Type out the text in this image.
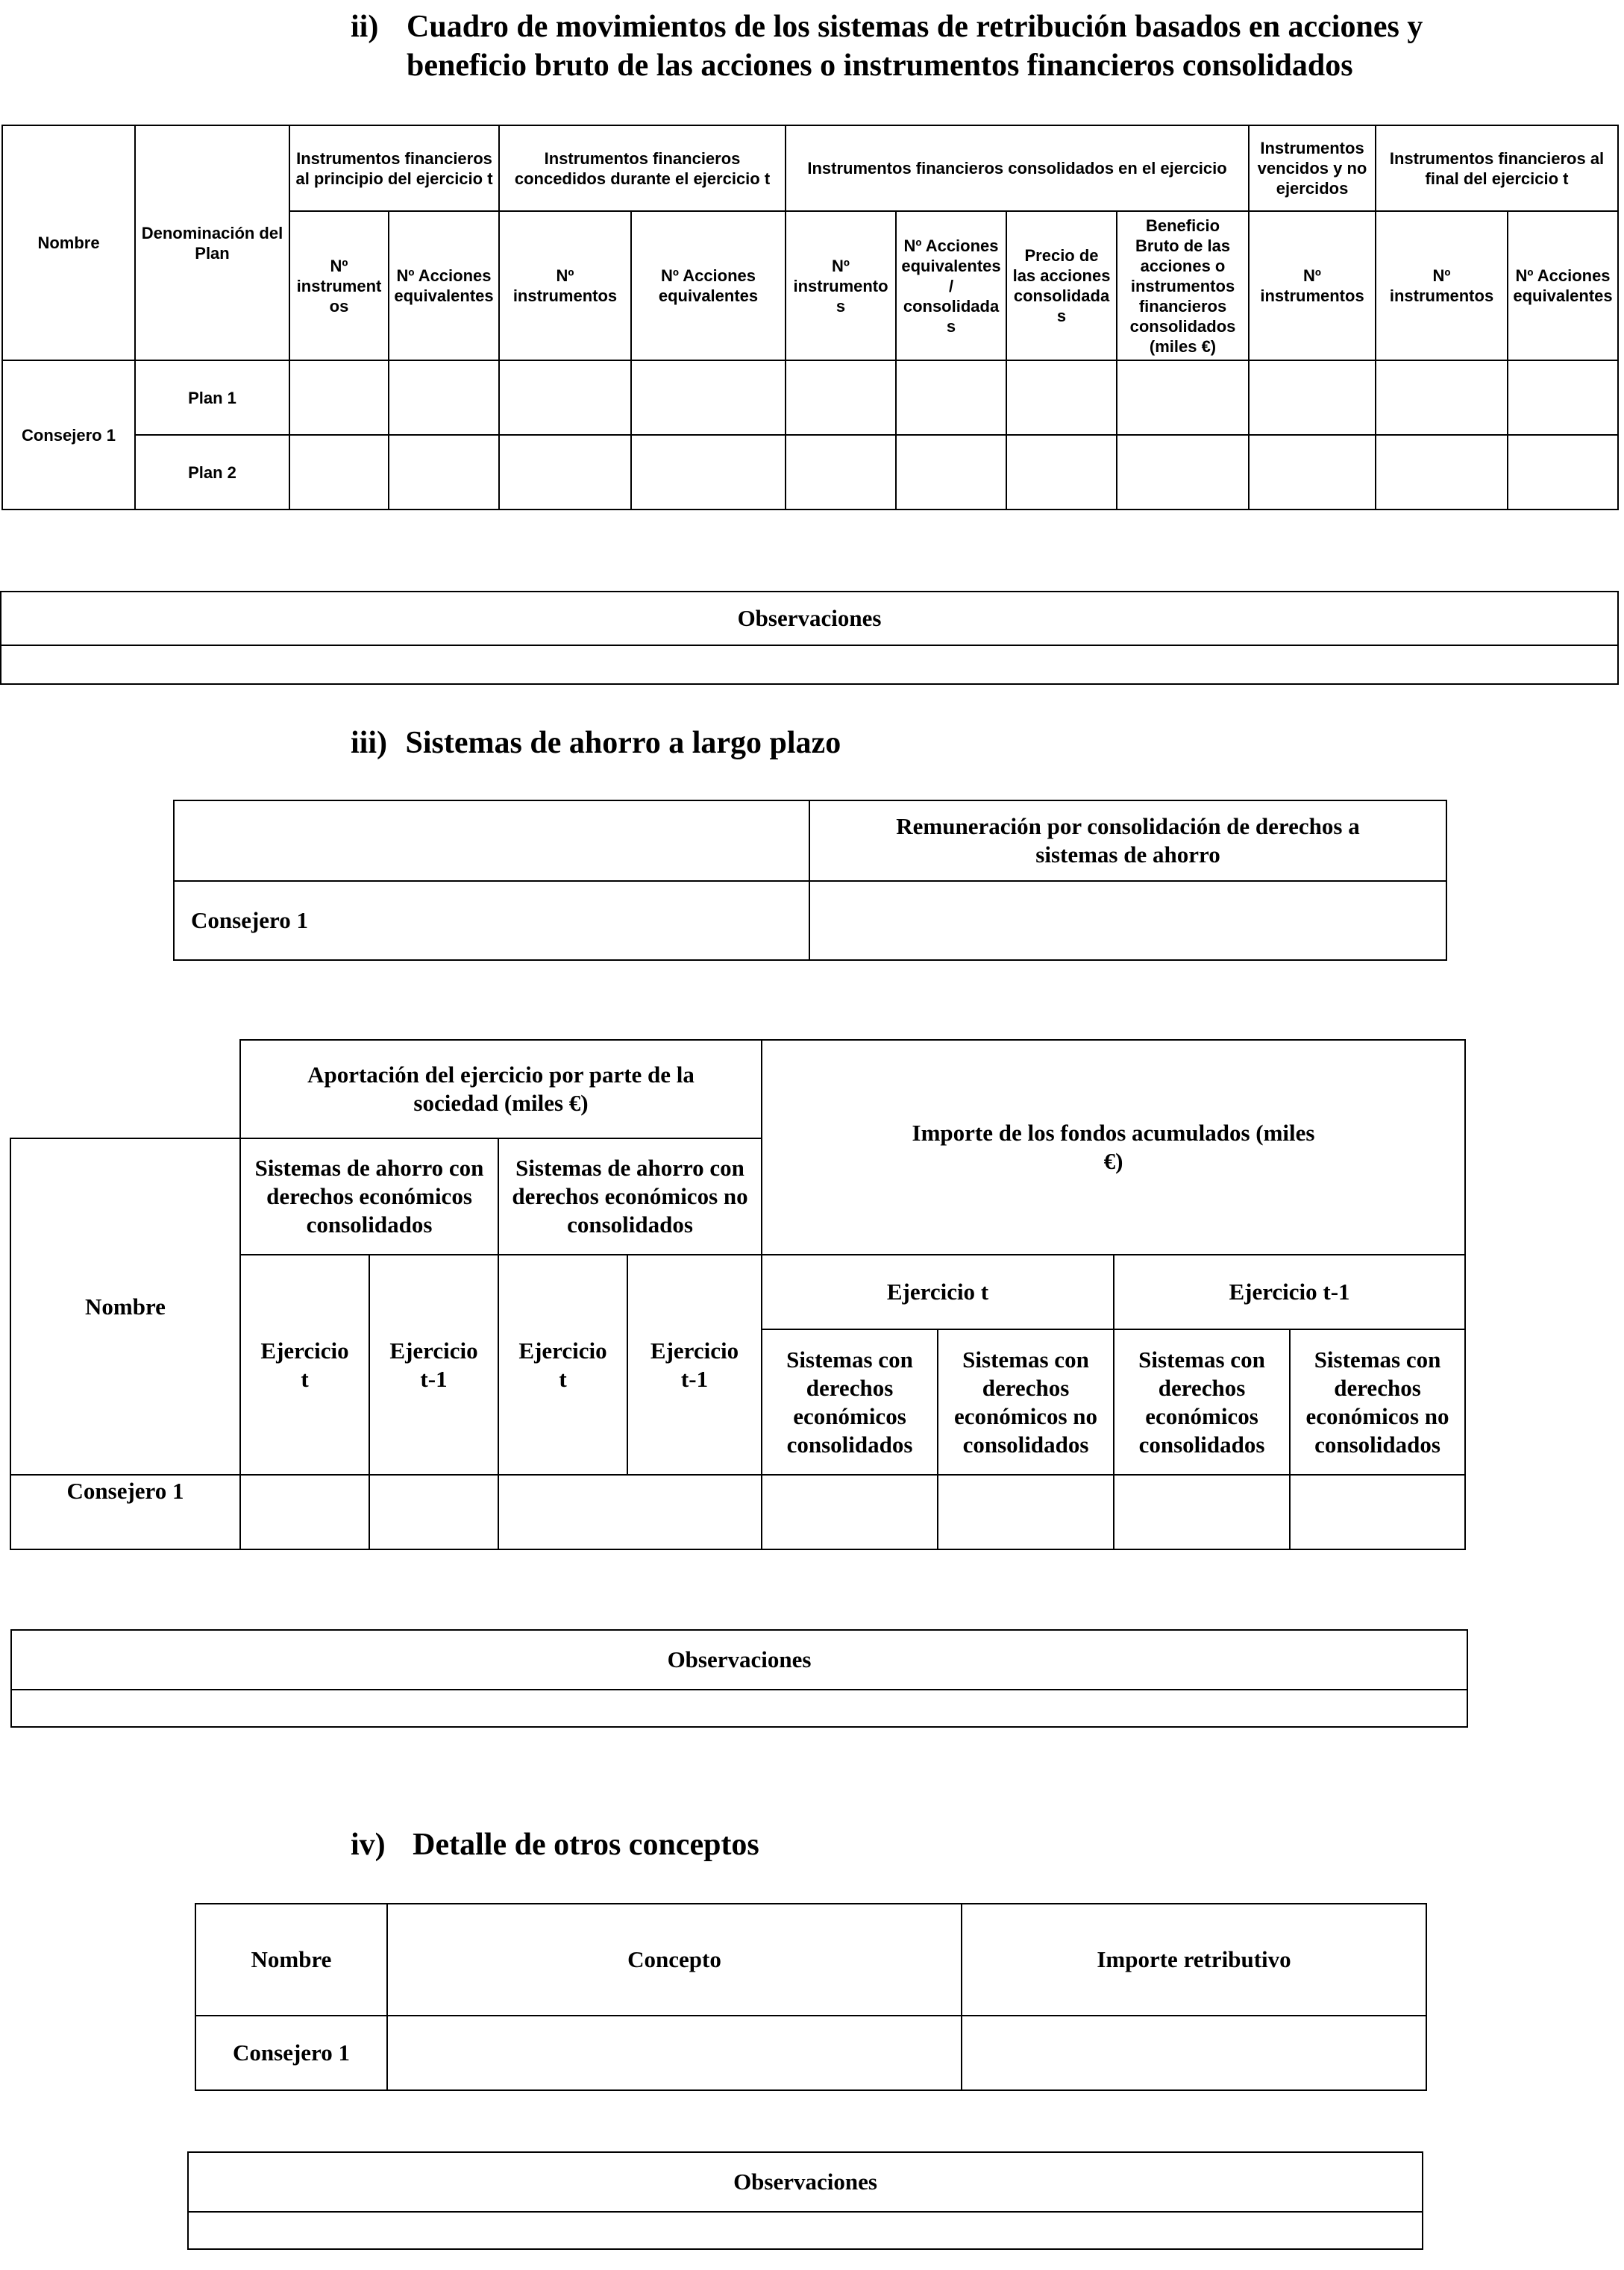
ii) Cuadro de movimientos de los sistemas de retribución basados en acciones y
beneficio bruto de las acciones o instrumentos financieros consolidados
Nombre	Denominación del Plan	Instrumentos financieros al principio del ejercicio t		Instrumentos financieros concedidos durante el ejercicio t		Instrumentos financieros consolidados en el ejercicio				Instrumentos vencidos y no ejercidos	Instrumentos financieros al final del ejercicio t	
		Nº instrumentos	Nº Acciones equivalentes	Nº instrumentos	Nº Acciones equivalentes	Nº instrumentos	Nº Acciones equivalentes / consolidadas	Precio de las acciones consolidadas	Beneficio Bruto de las acciones o instrumentos financieros consolidados (miles €)	Nº instrumentos	Nº instrumentos	Nº Acciones equivalentes
Consejero 1	Plan 1											
	Plan 2											
Observaciones

iii) Sistemas de ahorro a largo plazo
	Remuneración por consolidación de derechos a sistemas de ahorro
Consejero 1	
	Aportación del ejercicio por parte de la sociedad (miles €)				Importe de los fondos acumulados (miles €)			
Nombre	Sistemas de ahorro con derechos económicos consolidados		Sistemas de ahorro con derechos económicos no consolidados					
	Ejercicio t	Ejercicio t-1	Ejercicio t	Ejercicio t-1	Ejercicio t		Ejercicio t-1	
					Sistemas con derechos económicos consolidados	Sistemas con derechos económicos no consolidados	Sistemas con derechos económicos consolidados	Sistemas con derechos económicos no consolidados
Consejero 1								
Observaciones

iv) Detalle de otros conceptos
Nombre	Concepto	Importe retributivo
Consejero 1		
Observaciones
